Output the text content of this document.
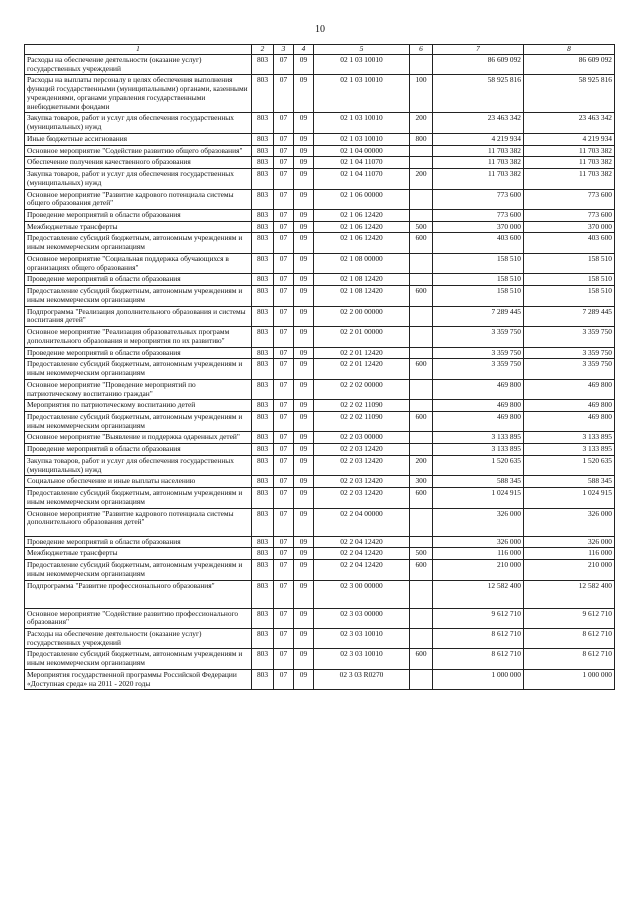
10
1	2	3	4	5	6	7	8
Расходы на обеспечение деятельности (оказание услуг) государственных учреждений	803	07	09	02 1 03 10010		86 609 092	86 609 092
Расходы на выплаты персоналу в целях обеспечения выполнения функций государственными (муниципальными) органами, казенными учреждениями, органами управления государственными внебюджетными фондами	803	07	09	02 1 03 10010	100	58 925 816	58 925 816
Закупка товаров, работ и услуг для обеспечения государственных (муниципальных) нужд	803	07	09	02 1 03 10010	200	23 463 342	23 463 342
Иные бюджетные ассигнования	803	07	09	02 1 03 10010	800	4 219 934	4 219 934
Основное мероприятие "Содействие развитию общего образования"	803	07	09	02 1 04 00000		11 703 382	11 703 382
Обеспечение получения качественного образования	803	07	09	02 1 04 11070		11 703 382	11 703 382
Закупка товаров, работ и услуг для обеспечения государственных (муниципальных) нужд	803	07	09	02 1 04 11070	200	11 703 382	11 703 382
Основное мероприятие "Развитие кадрового потенциала системы общего образования детей"	803	07	09	02 1 06 00000		773 600	773 600
Проведение мероприятий в области образования	803	07	09	02 1 06 12420		773 600	773 600
Межбюджетные трансферты	803	07	09	02 1 06 12420	500	370 000	370 000
Предоставление субсидий бюджетным, автономным учреждениям и иным некоммерческим организациям	803	07	09	02 1 06 12420	600	403 600	403 600
Основное мероприятие "Социальная поддержка обучающихся в организациях общего образования"	803	07	09	02 1 08 00000		158 510	158 510
Проведение мероприятий в области образования	803	07	09	02 1 08 12420		158 510	158 510
Предоставление субсидий бюджетным, автономным учреждениям и иным некоммерческим организациям	803	07	09	02 1 08 12420	600	158 510	158 510
Подпрограмма "Реализация дополнительного образования и системы воспитания детей"	803	07	09	02 2 00 00000		7 289 445	7 289 445
Основное мероприятие "Реализация образовательных программ дополнительного образования и мероприятия по их развитию"	803	07	09	02 2 01 00000		3 359 750	3 359 750
Проведение мероприятий в области образования	803	07	09	02 2 01 12420		3 359 750	3 359 750
Предоставление субсидий бюджетным, автономным учреждениям и иным некоммерческим организациям	803	07	09	02 2 01 12420	600	3 359 750	3 359 750
Основное мероприятие "Проведение мероприятий по патриотическому воспитанию граждан"	803	07	09	02 2 02 00000		469 800	469 800
Мероприятия по патриотическому воспитанию детей	803	07	09	02 2 02 11090		469 800	469 800
Предоставление субсидий бюджетным, автономным учреждениям и иным некоммерческим организациям	803	07	09	02 2 02 11090	600	469 800	469 800
Основное мероприятие "Выявление и поддержка одаренных детей"	803	07	09	02 2 03 00000		3 133 895	3 133 895
Проведение мероприятий в области образования	803	07	09	02 2 03 12420		3 133 895	3 133 895
Закупка товаров, работ и услуг для обеспечения государственных (муниципальных) нужд	803	07	09	02 2 03 12420	200	1 520 635	1 520 635
Социальное обеспечение и иные выплаты населению	803	07	09	02 2 03 12420	300	588 345	588 345
Предоставление субсидий бюджетным, автономным учреждениям и иным некоммерческим организациям	803	07	09	02 2 03 12420	600	1 024 915	1 024 915
Основное мероприятие "Развитие кадрового потенциала системы дополнительного образования детей"	803	07	09	02 2 04 00000		326 000	326 000
Проведение мероприятий в области образования	803	07	09	02 2 04 12420		326 000	326 000
Межбюджетные трансферты	803	07	09	02 2 04 12420	500	116 000	116 000
Предоставление субсидий бюджетным, автономным учреждениям и иным некоммерческим организациям	803	07	09	02 2 04 12420	600	210 000	210 000
Подпрограмма "Развитие профессионального образования"	803	07	09	02 3 00 00000		12 582 400	12 582 400
Основное мероприятие "Содействие развитию профессионального образования"	803	07	09	02 3 03 00000		9 612 710	9 612 710
Расходы на обеспечение деятельности (оказание услуг) государственных учреждений	803	07	09	02 3 03 10010		8 612 710	8 612 710
Предоставление субсидий бюджетным, автономным учреждениям и иным некоммерческим организациям	803	07	09	02 3 03 10010	600	8 612 710	8 612 710
Мероприятия государственной программы Российской Федерации «Доступная среда» на 2011 - 2020 годы	803	07	09	02 3 03 R0270		1 000 000	1 000 000
